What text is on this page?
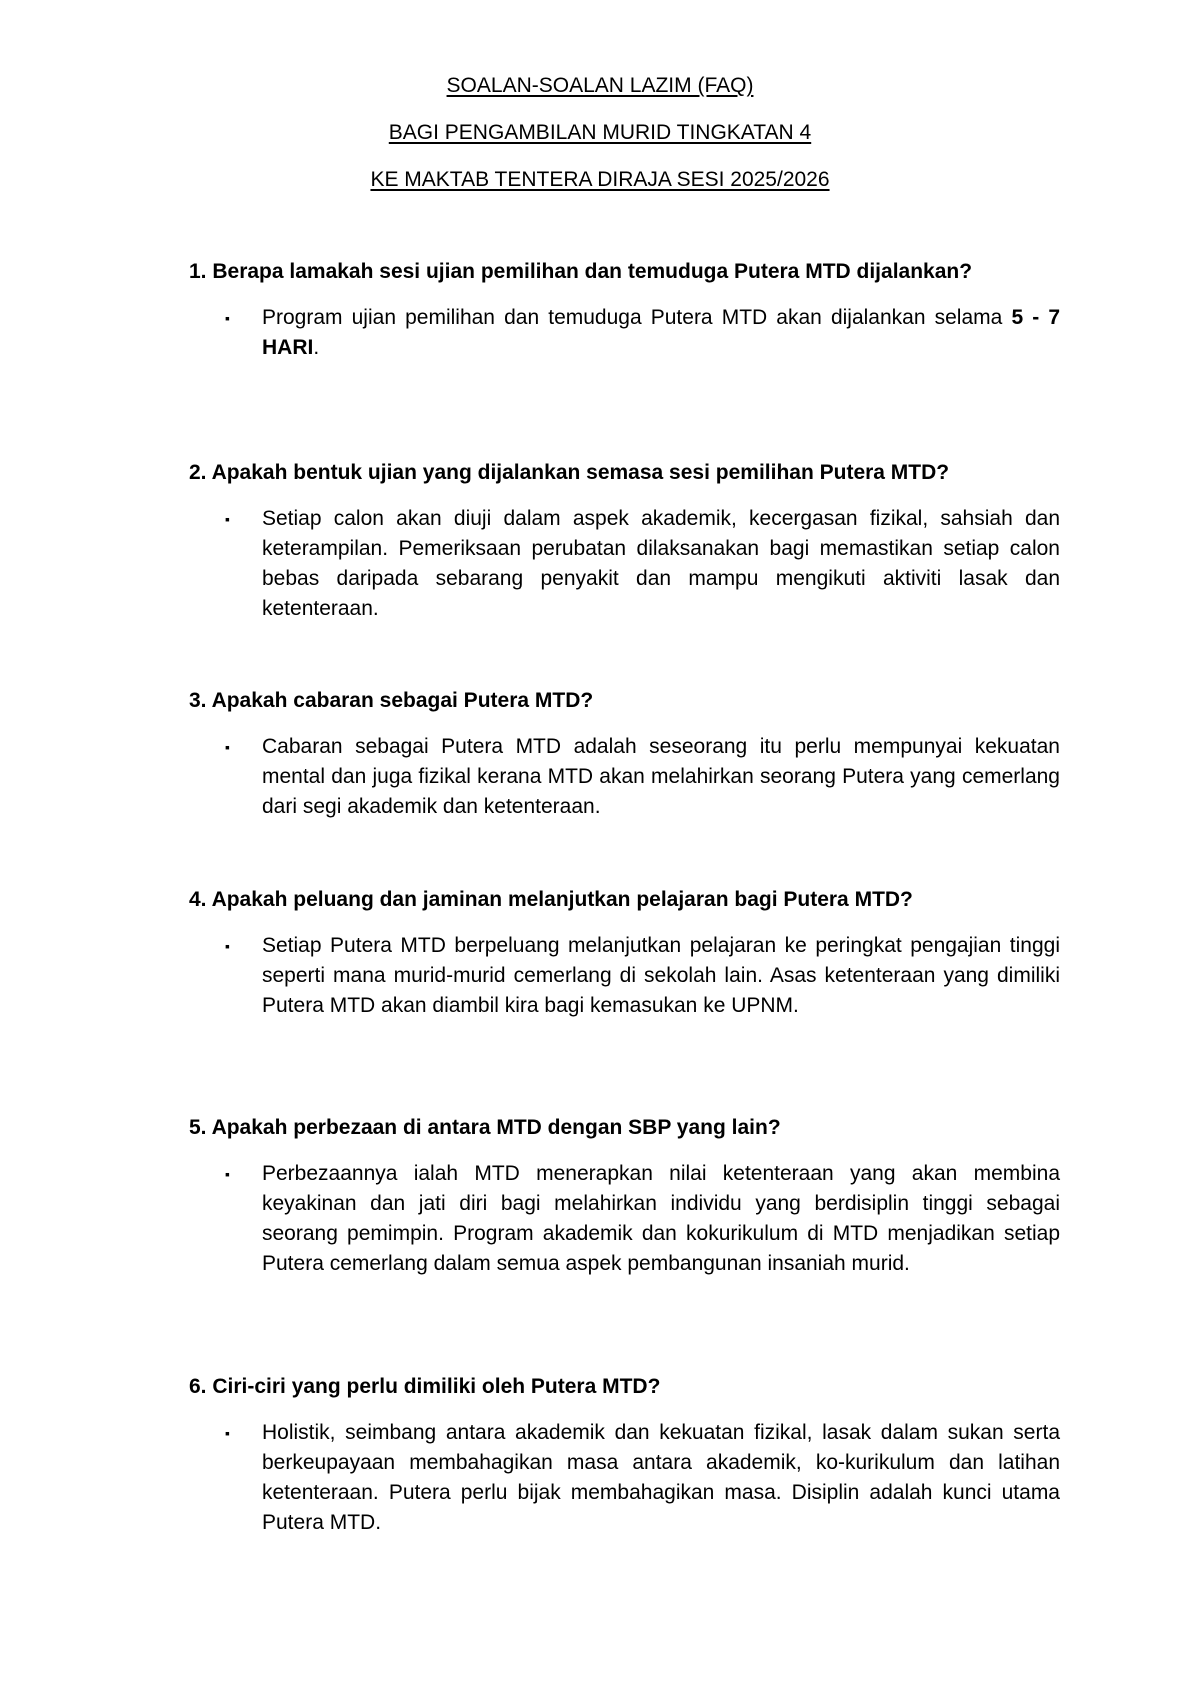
SOALAN-SOALAN LAZIM (FAQ)
BAGI PENGAMBILAN MURID TINGKATAN 4
KE MAKTAB TENTERA DIRAJA SESI 2025/2026

1. Berapa lamakah sesi ujian pemilihan dan temuduga Putera MTD dijalankan?

▪ Program ujian pemilihan dan temuduga Putera MTD akan dijalankan selama 5 - 7 HARI.

2. Apakah bentuk ujian yang dijalankan semasa sesi pemilihan Putera MTD?

▪ Setiap calon akan diuji dalam aspek akademik, kecergasan fizikal, sahsiah dan keterampilan. Pemeriksaan perubatan dilaksanakan bagi memastikan setiap calon bebas daripada sebarang penyakit dan mampu mengikuti aktiviti lasak dan ketenteraan.

3. Apakah cabaran sebagai Putera MTD?

▪ Cabaran sebagai Putera MTD adalah seseorang itu perlu mempunyai kekuatan mental dan juga fizikal kerana MTD akan melahirkan seorang Putera yang cemerlang dari segi akademik dan ketenteraan.

4. Apakah peluang dan jaminan melanjutkan pelajaran bagi Putera MTD?

▪ Setiap Putera MTD berpeluang melanjutkan pelajaran ke peringkat pengajian tinggi seperti mana murid-murid cemerlang di sekolah lain. Asas ketenteraan yang dimiliki Putera MTD akan diambil kira bagi kemasukan ke UPNM.

5. Apakah perbezaan di antara MTD dengan SBP yang lain?

▪ Perbezaannya ialah MTD menerapkan nilai ketenteraan yang akan membina keyakinan dan jati diri bagi melahirkan individu yang berdisiplin tinggi sebagai seorang pemimpin. Program akademik dan kokurikulum di MTD menjadikan setiap Putera cemerlang dalam semua aspek pembangunan insaniah murid.

6. Ciri-ciri yang perlu dimiliki oleh Putera MTD?

▪ Holistik, seimbang antara akademik dan kekuatan fizikal, lasak dalam sukan serta berkeupayaan membahagikan masa antara akademik, ko-kurikulum dan latihan ketenteraan. Putera perlu bijak membahagikan masa. Disiplin adalah kunci utama Putera MTD.
